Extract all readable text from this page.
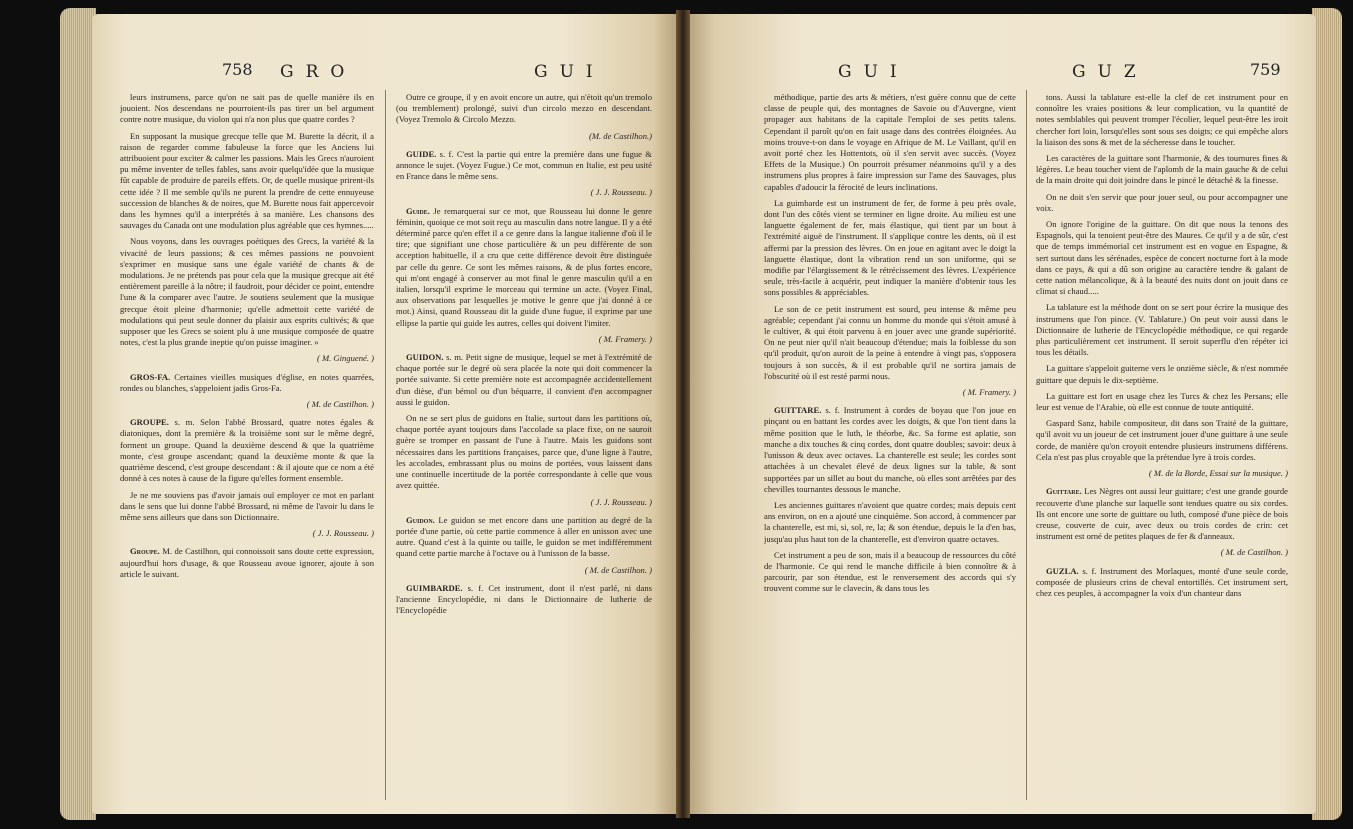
758 GRO	GUI

leurs instrumens, parce qu'on ne sait pas de quelle manière ils en jouoient. Nos descendans ne pourroient-ils pas tirer un bel argument contre notre musique, du violon qui n'a non plus que quatre cordes ?

En supposant la musique grecque telle que M. Burette la décrit, il a raison de regarder comme fabuleuse la force que les Anciens lui attribuoient pour exciter & calmer les passions. Mais les Grecs n'auroient pu même inventer de telles fables, sans avoir quelqu'idée que la musique fût capable de produire de pareils effets. Or, de quelle musique prirent-ils cette idée ? Il me semble qu'ils ne purent la prendre de cette ennuyeuse succession de blanches & de noires, que M. Burette nous fait appercevoir dans les hymnes qu'il a interprétés à sa manière. Les chansons des sauvages du Canada ont une modulation plus agréable que ces hymnes.....

Nous voyons, dans les ouvrages poétiques des Grecs, la variété & la vivacité de leurs passions; & ces mêmes passions ne pouvoient s'exprimer en musique sans une égale variété de chants & de modulations. Je ne prétends pas pour cela que la musique grecque ait été entièrement pareille à la nôtre; il faudroit, pour décider ce point, entendre l'une & la comparer avec l'autre. Je soutiens seulement que la musique grecque étoit pleine d'harmonie; qu'elle admettoit cette variété de modulations qui peut seule donner du plaisir aux esprits cultivés; & que supposer que les Grecs se soient plu à une musique composée de quatre notes, c'est la plus grande ineptie qu'on puisse imaginer. »

( M. Ginguené. )

GROS-FA. Certaines vieilles musiques d'église, en notes quarrées, rondes ou blanches, s'appeloient jadis Gros-Fa.

( M. de Castilhon. )

GROUPE. s. m. Selon l'abbé Brossard, quatre notes égales & diatoniques, dont la première & la troisième sont sur le même degré, forment un groupe. Quand la deuxième descend & que la quatrième monte, c'est groupe ascendant; quand la deuxième monte & que la quatrième descend, c'est groupe descendant : & il ajoute que ce nom a été donné à ces notes à cause de la figure qu'elles forment ensemble.

Je ne me souviens pas d'avoir jamais ouï employer ce mot en parlant dans le sens que lui donne l'abbé Brossard, ni même de l'avoir lu dans le même sens ailleurs que dans son Dictionnaire.

( J. J. Rousseau. )

Groupe. M. de Castilhon, qui connoissoit sans doute cette expression, aujourd'hui hors d'usage, & que Rousseau avoue ignorer, ajoute à son article le suivant.

Outre ce groupe, il y en avoit encore un autre, qui n'étoit qu'un tremolo (ou tremblement) prolongé, suivi d'un circolo mezzo en descendant. (Voyez Tremolo & Circolo Mezzo.

(M. de Castilhon.)

GUIDE. s. f. C'est la partie qui entre la première dans une fugue & annonce le sujet. (Voyez Fugue.) Ce mot, commun en Italie, est peu usité en France dans le même sens.

( J. J. Rousseau. )

Guide. Je remarquerai sur ce mot, que Rousseau lui donne le genre féminin, quoique ce mot soit reçu au masculin dans notre langue. Il y a été déterminé parce qu'en effet il a ce genre dans la langue italienne d'où il le tire; que signifiant une chose particulière & un peu différente de son acception habituelle, il a cru que cette différence devoit être distinguée par celle du genre. Ce sont les mêmes raisons, & de plus fortes encore, qui m'ont engagé à conserver au mot final le genre masculin qu'il a en italien, lorsqu'il exprime le morceau qui termine un acte. (Voyez Final, aux observations par lesquelles je motive le genre que j'ai donné à ce mot.) Ainsi, quand Rousseau dit la guide d'une fugue, il exprime par une ellipse la partie qui guide les autres, celles qui doivent l'imiter.

( M. Framery. )

GUIDON. s. m. Petit signe de musique, lequel se met à l'extrémité de chaque portée sur le degré où sera placée la note qui doit commencer la portée suivante. Si cette première note est accompagnée accidentellement d'un dièse, d'un bémol ou d'un béquarre, il convient d'en accompagner aussi le guidon.

On ne se sert plus de guidons en Italie, surtout dans les partitions où, chaque portée ayant toujours dans l'accolade sa place fixe, on ne sauroit guère se tromper en passant de l'une à l'autre. Mais les guidons sont nécessaires dans les partitions françaises, parce que, d'une ligne à l'autre, les accolades, embrassant plus ou moins de portées, vous laissent dans une continuelle incertitude de la portée correspondante à celle que vous avez quittée.

( J. J. Rousseau. )

Guidon. Le guidon se met encore dans une partition au degré de la portée d'une partie, où cette partie commence à aller en unisson avec une autre. Quand c'est à la quinte ou taille, le guidon se met indifféremment quand cette partie marche à l'octave ou à l'unisson de la basse.

( M. de Castilhon. )

GUIMBARDE. s. f. Cet instrument, dont il n'est parlé, ni dans l'ancienne Encyclopédie, ni dans le Dictionnaire de lutherie de l'Encyclopédie

GUI	GUZ	759

méthodique, partie des arts & métiers, n'est guère connu que de cette classe de peuple qui, des montagnes de Savoie ou d'Auvergne, vient propager aux habitans de la capitale l'emploi de ses petits talens. Cependant il paroît qu'on en fait usage dans des contrées éloignées. Au moins trouve-t-on dans le voyage en Afrique de M. Le Vaillant, qu'il en avoit porté chez les Hottentots, où il s'en servit avec succès. (Voyez Effets de la Musique.) On pourroit présumer néanmoins qu'il y a des instrumens plus propres à faire impression sur l'ame des Sauvages, plus capables d'adoucir la férocité de leurs inclinations.

La guimbarde est un instrument de fer, de forme à peu près ovale, dont l'un des côtés vient se terminer en ligne droite. Au milieu est une languette également de fer, mais élastique, qui tient par un bout à l'extrémité aiguë de l'instrument. Il s'applique contre les dents, où il est affermi par la pression des lèvres. On en joue en agitant avec le doigt la languette élastique, dont la vibration rend un son uniforme, qui se modifie par l'élargissement & le rétrécissement des lèvres. L'expérience seule, très-facile à acquérir, peut indiquer la manière d'obtenir tous les sons possibles & appréciables.

Le son de ce petit instrument est sourd, peu intense & même peu agréable; cependant j'ai connu un homme du monde qui s'étoit amusé à le cultiver, & qui étoit parvenu à en jouer avec une grande supériorité. On ne peut nier qu'il n'ait beaucoup d'étendue; mais la foiblesse du son qu'il produit, qu'on auroit de la peine à entendre à vingt pas, s'opposera toujours à son succès, & il est probable qu'il ne sortira jamais de l'obscurité où il est resté parmi nous.

( M. Framery. )

GUITTARE. s. f. Instrument à cordes de boyau que l'on joue en pinçant ou en battant les cordes avec les doigts, & que l'on tient dans la même position que le luth, le théorbe, &c. Sa forme est aplatie, son manche a dix touches & cinq cordes, dont quatre doubles; savoir: deux à l'unisson & deux avec octaves. La chanterelle est seule; les cordes sont attachées à un chevalet élevé de deux lignes sur la table, & sont supportées par un sillet au bout du manche, où elles sont arrêtées par des chevilles tournantes dessous le manche.

Les anciennes guittares n'avoient que quatre cordes; mais depuis cent ans environ, on en a ajouté une cinquième. Son accord, à commencer par la chanterelle, est mi, si, sol, re, la; & son étendue, depuis le la d'en bas, jusqu'au plus haut ton de la chanterelle, est d'environ quatre octaves.

Cet instrument a peu de son, mais il a beaucoup de ressources du côté de l'harmonie. Ce qui rend le manche difficile à bien connoître & à parcourir, par son étendue, est le renversement des accords qui s'y trouvent comme sur le clavecin, & dans tous les

tons. Aussi la tablature est-elle la clef de cet instrument pour en connoître les vraies positions & leur complication, vu la quantité de notes semblables qui peuvent tromper l'écolier, lequel peut-être les iroit chercher fort loin, lorsqu'elles sont sous ses doigts; ce qui empêche alors la liaison des sons & met de la sécheresse dans le toucher.

Les caractères de la guittare sont l'harmonie, & des tournures fines & légères. Le beau toucher vient de l'aplomb de la main gauche & de celui de la main droite qui doit joindre dans le pincé le détaché & la finesse.

On ne doit s'en servir que pour jouer seul, ou pour accompagner une voix.

On ignore l'origine de la guittare. On dit que nous la tenons des Espagnols, qui la tenoient peut-être des Maures. Ce qu'il y a de sûr, c'est que de temps immémorial cet instrument est en vogue en Espagne, & sert surtout dans les sérénades, espèce de concert nocturne fort à la mode dans ce pays, & qui a dû son origine au caractère tendre & galant de cette nation mélancolique, & à la beauté des nuits dont on jouit dans ce climat si chaud.....

La tablature est la méthode dont on se sert pour écrire la musique des instrumens que l'on pince. (V. Tablature.) On peut voir aussi dans le Dictionnaire de lutherie de l'Encyclopédie méthodique, ce qui regarde plus particulièrement cet instrument. Il seroit superflu d'en répéter ici tous les détails.

La guittare s'appeloit guiterne vers le onzième siècle, & n'est nommée guittare que depuis le dix-septième.

La guittare est fort en usage chez les Turcs & chez les Persans; elle leur est venue de l'Arabie, où elle est connue de toute antiquité.

Gaspard Sanz, habile compositeur, dit dans son Traité de la guittare, qu'il avoit vu un joueur de cet instrument jouer d'une guittare à une seule corde, de manière qu'on croyoit entendre plusieurs instrumens différens. Cela n'est pas plus croyable que la prétendue lyre à trois cordes.

( M. de la Borde, Essai sur la musique. )

Guittare. Les Nègres ont aussi leur guittare; c'est une grande gourde recouverte d'une planche sur laquelle sont tendues quatre ou six cordes. Ils ont encore une sorte de guittare ou luth, composé d'une pièce de bois creuse, couverte de cuir, avec deux ou trois cordes de crin: cet instrument est orné de petites plaques de fer & d'anneaux.

( M. de Castilhon. )

GUZLA. s. f. Instrument des Morlaques, monté d'une seule corde, composée de plusieurs crins de cheval entortillés. Cet instrument sert, chez ces peuples, à accompagner la voix d'un chanteur dans
